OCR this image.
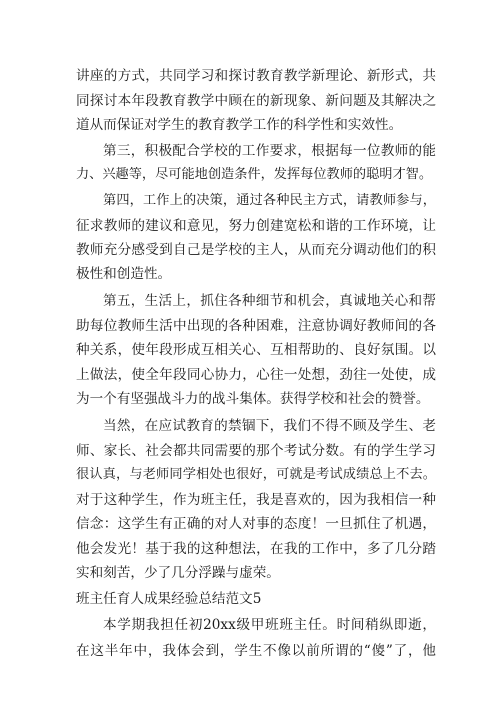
讲座的方式，共同学习和探讨教育教学新理论、新形式，共
同探讨本年段教育教学中顾在的新现象、新问题及其解决之
道从而保证对学生的教育教学工作的科学性和实效性。
第三，积极配合学校的工作要求，根据每一位教师的能
力、兴趣等，尽可能地创造条件，发挥每位教师的聪明才智。
第四，工作上的决策，通过各种民主方式，请教师参与，
征求教师的建议和意见，努力创建宽松和谐的工作环境，让
教师充分感受到自己是学校的主人，从而充分调动他们的积
极性和创造性。
第五，生活上，抓住各种细节和机会，真诚地关心和帮
助每位教师生活中出现的各种困难，注意协调好教师间的各
种关系，使年段形成互相关心、互相帮助的、良好氛围。以
上做法，使全年段同心协力，心往一处想，劲往一处使，成
为一个有坚强战斗力的战斗集体。获得学校和社会的赞誉。
当然，在应试教育的禁锢下，我们不得不顾及学生、老
师、家长、社会都共同需要的那个考试分数。有的学生学习
很认真，与老师同学相处也很好，可就是考试成绩总上不去。
对于这种学生，作为班主任，我是喜欢的，因为我相信一种
信念：这学生有正确的对人对事的态度！一旦抓住了机遇，
他会发光！基于我的这种想法，在我的工作中，多了几分踏
实和刻苦，少了几分浮躁与虚荣。
班主任育人成果经验总结范文5
本学期我担任初20xx级甲班班主任。时间稍纵即逝，
在这半年中，我体会到，学生不像以前所谓的“傻”了，他
